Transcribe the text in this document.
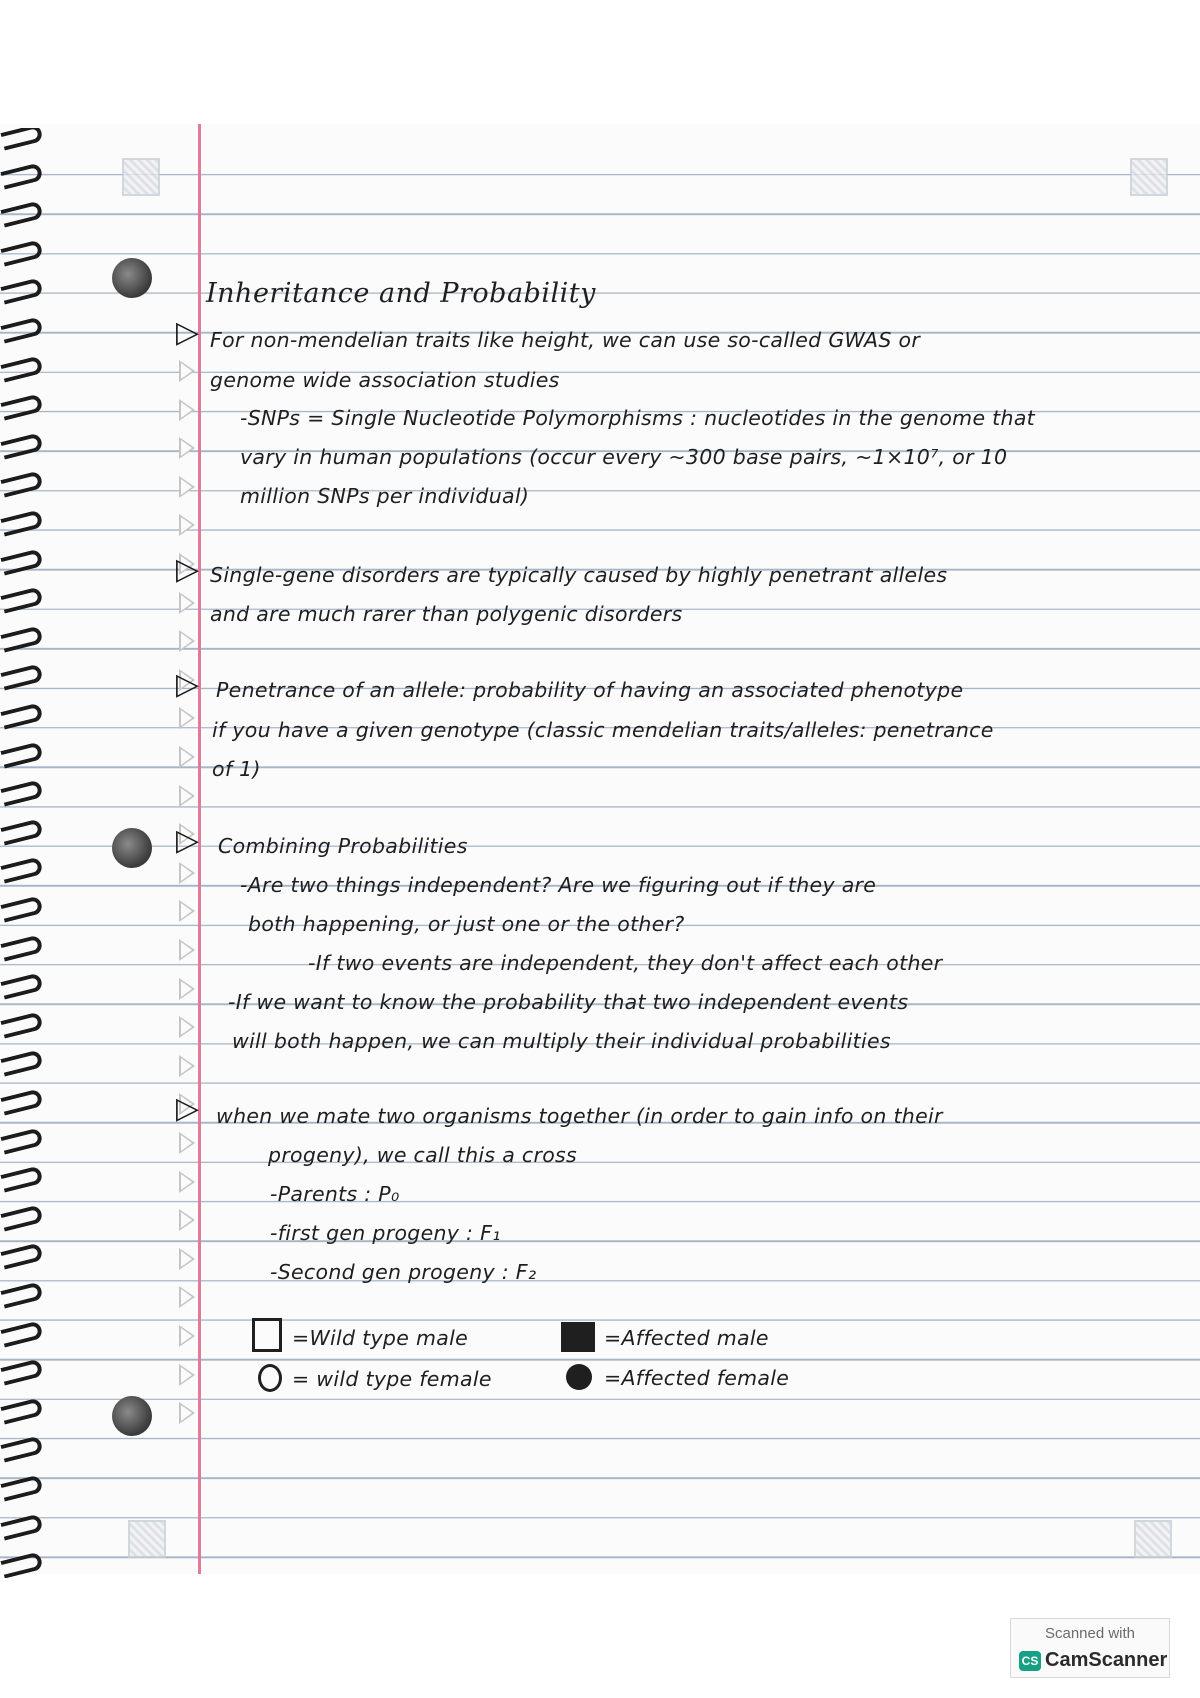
Inheritance and Probability
▷ For non-mendelian traits like height, we can use so-called GWAS or
genome wide association studies
-SNPs = Single Nucleotide Polymorphisms : nucleotides in the genome that
vary in human populations (occur every ~300 base pairs, ~1×10⁷, or 10
million SNPs per individual)
▷ Single-gene disorders are typically caused by highly penetrant alleles
and are much rarer than polygenic disorders
▷ Penetrance of an allele: probability of having an associated phenotype
if you have a given genotype (classic mendelian traits/alleles: penetrance
of 1)
▷ Combining Probabilities
-Are two things independent? Are we figuring out if they are
both happening, or just one or the other?
-If two events are independent, they don't affect each other
-If we want to know the probability that two independent events
will both happen, we can multiply their individual probabilities
▷ when we mate two organisms together (in order to gain info on their
progeny), we call this a cross
-Parents : P₀
-first gen progeny : F₁
-Second gen progeny : F₂
=Wild type male
= wild type female
=Affected male
=Affected female
Scanned with
CS CamScanner
